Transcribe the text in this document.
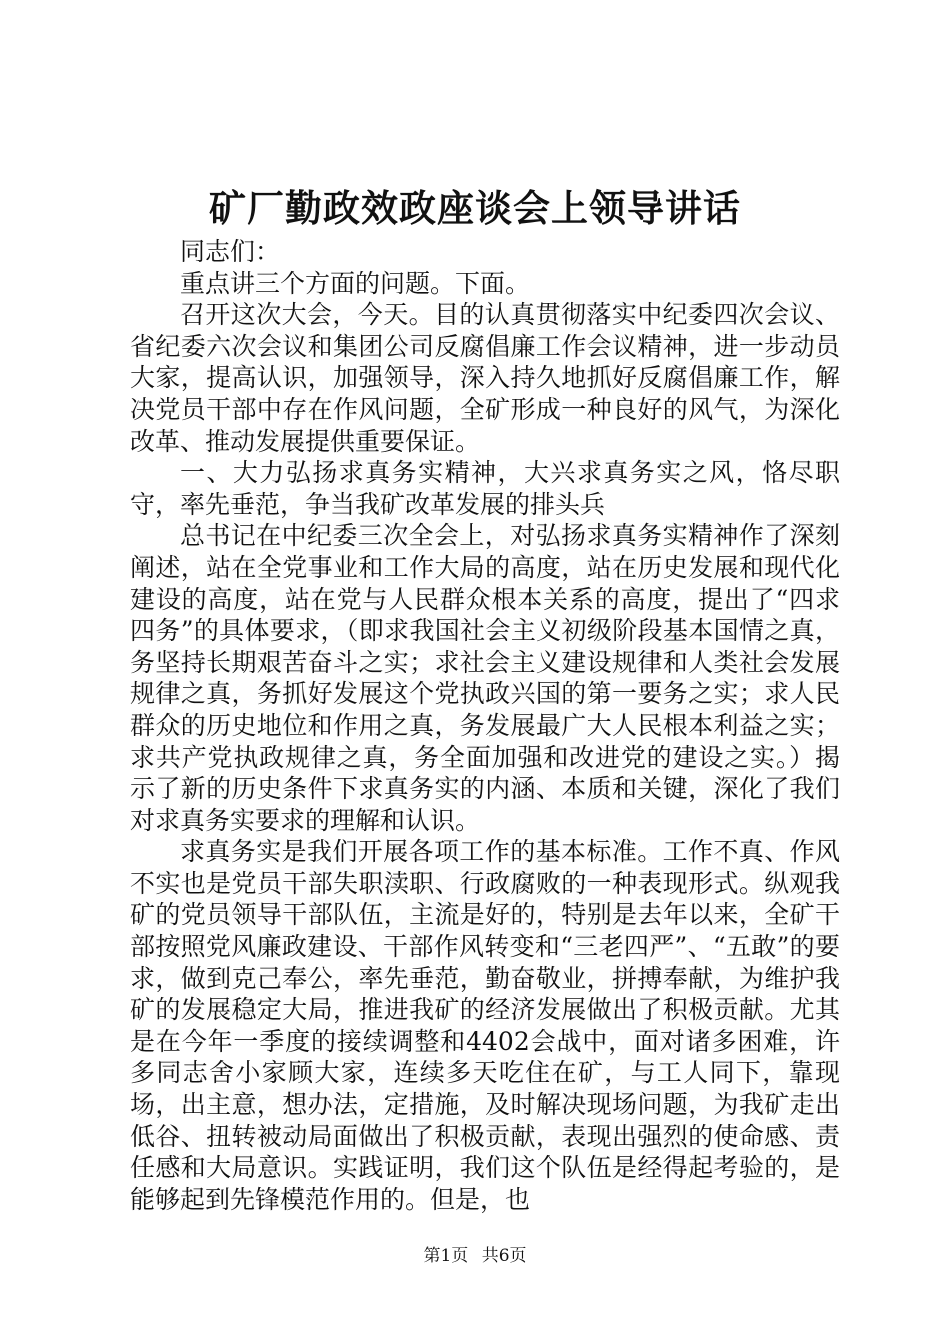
矿厂勤政效政座谈会上领导讲话

同志们：

重点讲三个方面的问题。下面。

召开这次大会，今天。目的认真贯彻落实中纪委四次会议、省纪委六次会议和集团公司反腐倡廉工作会议精神，进一步动员大家，提高认识，加强领导，深入持久地抓好反腐倡廉工作，解决党员干部中存在作风问题，全矿形成一种良好的风气，为深化改革、推动发展提供重要保证。

一、大力弘扬求真务实精神，大兴求真务实之风，恪尽职守，率先垂范，争当我矿改革发展的排头兵

总书记在中纪委三次全会上，对弘扬求真务实精神作了深刻阐述，站在全党事业和工作大局的高度，站在历史发展和现代化建设的高度，站在党与人民群众根本关系的高度，提出了“四求四务”的具体要求，（即求我国社会主义初级阶段基本国情之真，务坚持长期艰苦奋斗之实；求社会主义建设规律和人类社会发展规律之真，务抓好发展这个党执政兴国的第一要务之实；求人民群众的历史地位和作用之真，务发展最广大人民根本利益之实；求共产党执政规律之真，务全面加强和改进党的建设之实。）揭示了新的历史条件下求真务实的内涵、本质和关键，深化了我们对求真务实要求的理解和认识。

求真务实是我们开展各项工作的基本标准。工作不真、作风不实也是党员干部失职渎职、行政腐败的一种表现形式。纵观我矿的党员领导干部队伍，主流是好的，特别是去年以来，全矿干部按照党风廉政建设、干部作风转变和“三老四严”、“五敢”的要求，做到克己奉公，率先垂范，勤奋敬业，拼搏奉献，为维护我矿的发展稳定大局，推进我矿的经济发展做出了积极贡献。尤其是在今年一季度的接续调整和4402会战中，面对诸多困难，许多同志舍小家顾大家，连续多天吃住在矿，与工人同下，靠现场，出主意，想办法，定措施，及时解决现场问题，为我矿走出低谷、扭转被动局面做出了积极贡献，表现出强烈的使命感、责任感和大局意识。实践证明，我们这个队伍是经得起考验的，是能够起到先锋模范作用的。但是，也

第1页 共6页
